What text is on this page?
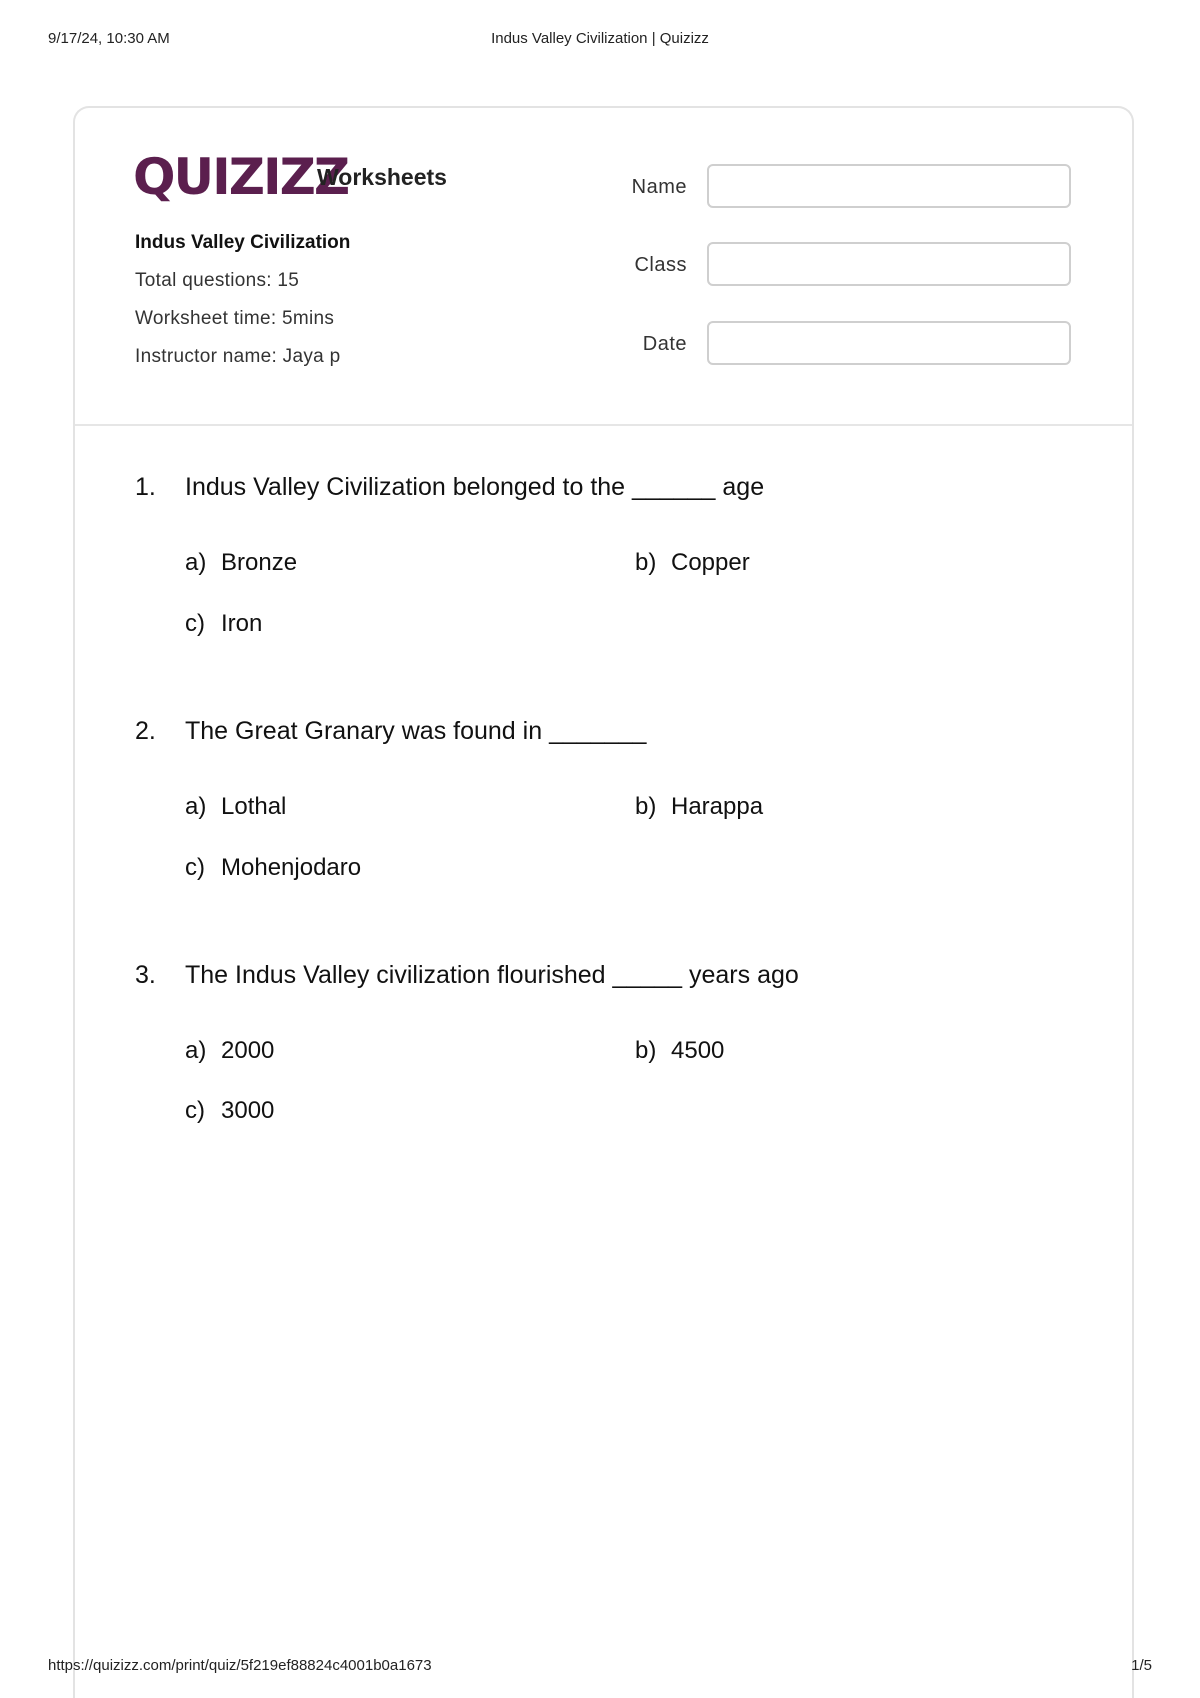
9/17/24, 10:30 AM	Indus Valley Civilization | Quizizz
QUIZIZZ
Worksheets
Indus Valley Civilization
Total questions: 15
Worksheet time: 5mins
Instructor name: Jaya p
Name
Class
Date
1. Indus Valley Civilization belonged to the ______ age
a) Bronze	b) Copper
c) Iron
2. The Great Granary was found in _______
a) Lothal	b) Harappa
c) Mohenjodaro
3. The Indus Valley civilization flourished _____ years ago
a) 2000	b) 4500
c) 3000
https://quizizz.com/print/quiz/5f219ef88824c4001b0a1673	1/5
